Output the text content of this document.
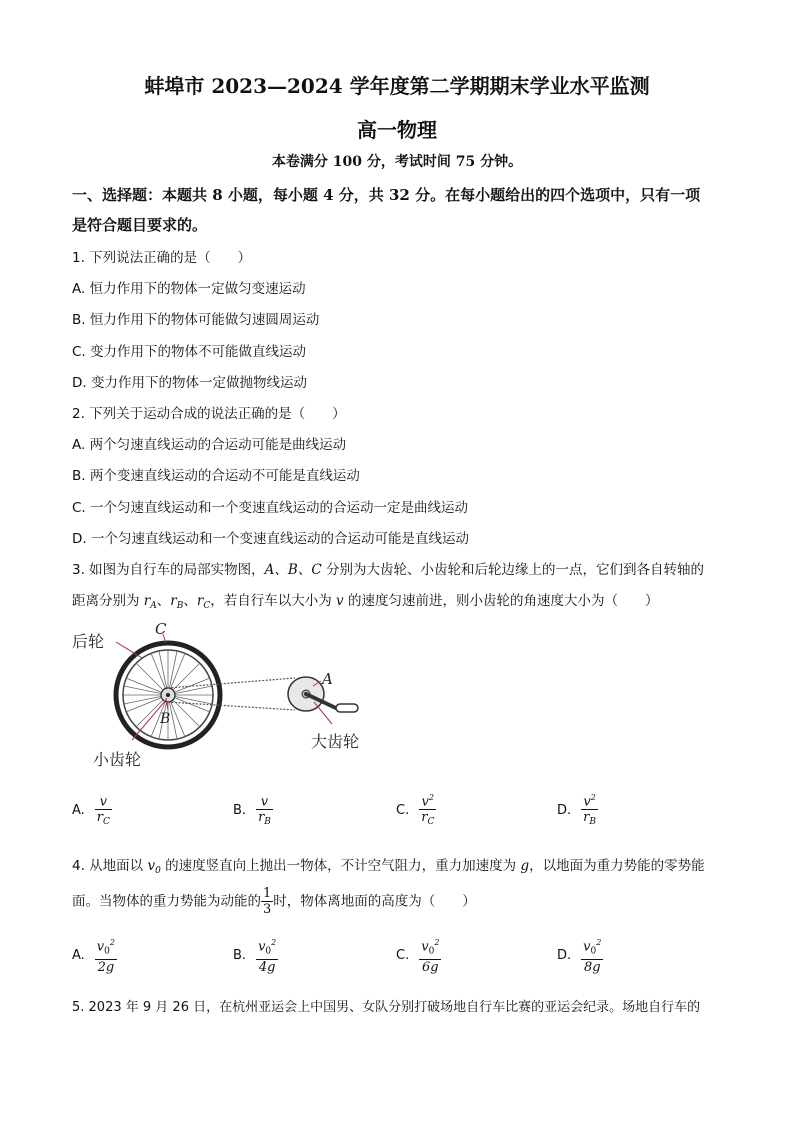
蚌埠市 2023—2024 学年度第二学期期末学业水平监测
高一物理
本卷满分 100 分，考试时间 75 分钟。
一、选择题：本题共 8 小题，每小题 4 分，共 32 分。在每小题给出的四个选项中，只有一项
是符合题目要求的。
1. 下列说法正确的是（　　）
A. 恒力作用下的物体一定做匀变速运动
B. 恒力作用下的物体可能做匀速圆周运动
C. 变力作用下的物体不可能做直线运动
D. 变力作用下的物体一定做抛物线运动
2. 下列关于运动合成的说法正确的是（　　）
A. 两个匀速直线运动的合运动可能是曲线运动
B. 两个变速直线运动的合运动不可能是直线运动
C. 一个匀速直线运动和一个变速直线运动的合运动一定是曲线运动
D. 一个匀速直线运动和一个变速直线运动的合运动可能是直线运动
3. 如图为自行车的局部实物图，A、B、C 分别为大齿轮、小齿轮和后轮边缘上的一点，它们到各自转轴的
距离分别为 $r_A$、$r_B$、$r_C$，若自行车以大小为 v 的速度匀速前进，则小齿轮的角速度大小为（　　）
后轮
C
B
A
大齿轮
小齿轮
A. $\frac{v}{r_C}$	B. $\frac{v}{r_B}$	C. $\frac{v^2}{r_C}$	D. $\frac{v^2}{r_B}$
4. 从地面以 $v_0$ 的速度竖直向上抛出一物体，不计空气阻力，重力加速度为 g，以地面为重力势能的零势能
面。当物体的重力势能为动能的 $\frac{1}{3}$ 时，物体离地面的高度为（　　）
A. $\frac{v_0^2}{2g}$	B. $\frac{v_0^2}{4g}$	C. $\frac{v_0^2}{6g}$	D. $\frac{v_0^2}{8g}$
5. 2023 年 9 月 26 日，在杭州亚运会上中国男、女队分别打破场地自行车比赛的亚运会纪录。场地自行车的
